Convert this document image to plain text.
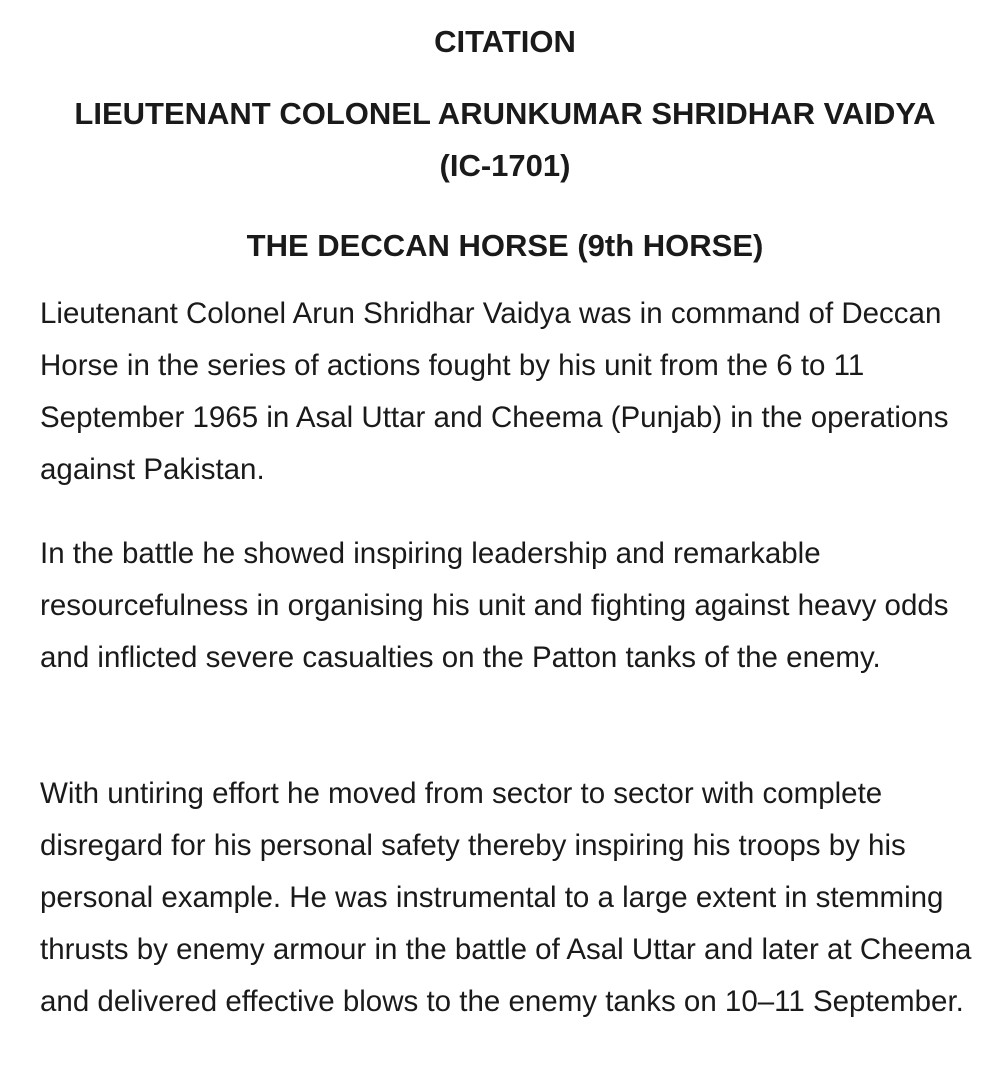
CITATION
LIEUTENANT COLONEL ARUNKUMAR SHRIDHAR VAIDYA
(IC-1701)
THE DECCAN HORSE (9th HORSE)

Lieutenant Colonel Arun Shridhar Vaidya was in command of Deccan Horse in the series of actions fought by his unit from the 6 to 11 September 1965 in Asal Uttar and Cheema (Punjab) in the operations against Pakistan.

In the battle he showed inspiring leadership and remarkable resourcefulness in organising his unit and fighting against heavy odds and inflicted severe casualties on the Patton tanks of the enemy.

With untiring effort he moved from sector to sector with complete disregard for his personal safety thereby inspiring his troops by his personal example. He was instrumental to a large extent in stemming thrusts by enemy armour in the battle of Asal Uttar and later at Cheema and delivered effective blows to the enemy tanks on 10–11 September.
